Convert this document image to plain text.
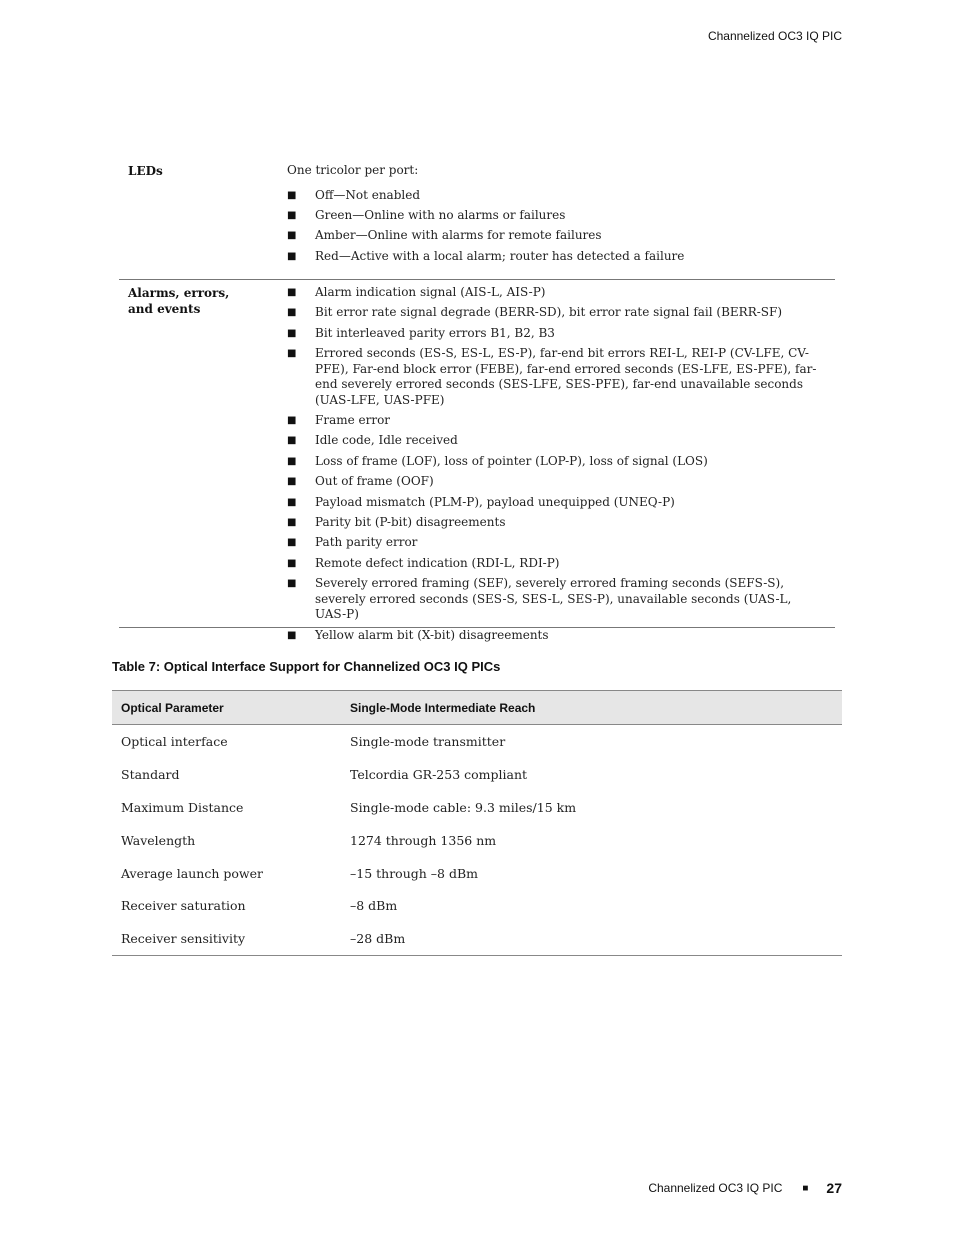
Channelized OC3 IQ PIC
LEDs	One tricolor per port:

■	Off—Not enabled
■	Green—Online with no alarms or failures
■	Amber—Online with alarms for remote failures
■	Red—Active with a local alarm; router has detected a failure
Alarms, errors, and events
■	Alarm indication signal (AIS-L, AIS-P)
■	Bit error rate signal degrade (BERR-SD), bit error rate signal fail (BERR-SF)
■	Bit interleaved parity errors B1, B2, B3
■	Errored seconds (ES-S, ES-L, ES-P), far-end bit errors REI-L, REI-P (CV-LFE, CV-PFE), Far-end block error (FEBE), far-end errored seconds (ES-LFE, ES-PFE), far-end severely errored seconds (SES-LFE, SES-PFE), far-end unavailable seconds (UAS-LFE, UAS-PFE)
■	Frame error
■	Idle code, Idle received
■	Loss of frame (LOF), loss of pointer (LOP-P), loss of signal (LOS)
■	Out of frame (OOF)
■	Payload mismatch (PLM-P), payload unequipped (UNEQ-P)
■	Parity bit (P-bit) disagreements
■	Path parity error
■	Remote defect indication (RDI-L, RDI-P)
■	Severely errored framing (SEF), severely errored framing seconds (SEFS-S), severely errored seconds (SES-S, SES-L, SES-P), unavailable seconds (UAS-L, UAS-P)
■	Yellow alarm bit (X-bit) disagreements
Table 7: Optical Interface Support for Channelized OC3 IQ PICs
Optical Parameter	Single-Mode Intermediate Reach
Optical interface	Single-mode transmitter
Standard	Telcordia GR-253 compliant
Maximum Distance	Single-mode cable: 9.3 miles/15 km
Wavelength	1274 through 1356 nm
Average launch power	–15 through –8 dBm
Receiver saturation	–8 dBm
Receiver sensitivity	–28 dBm
Channelized OC3 IQ PIC ■ 27
